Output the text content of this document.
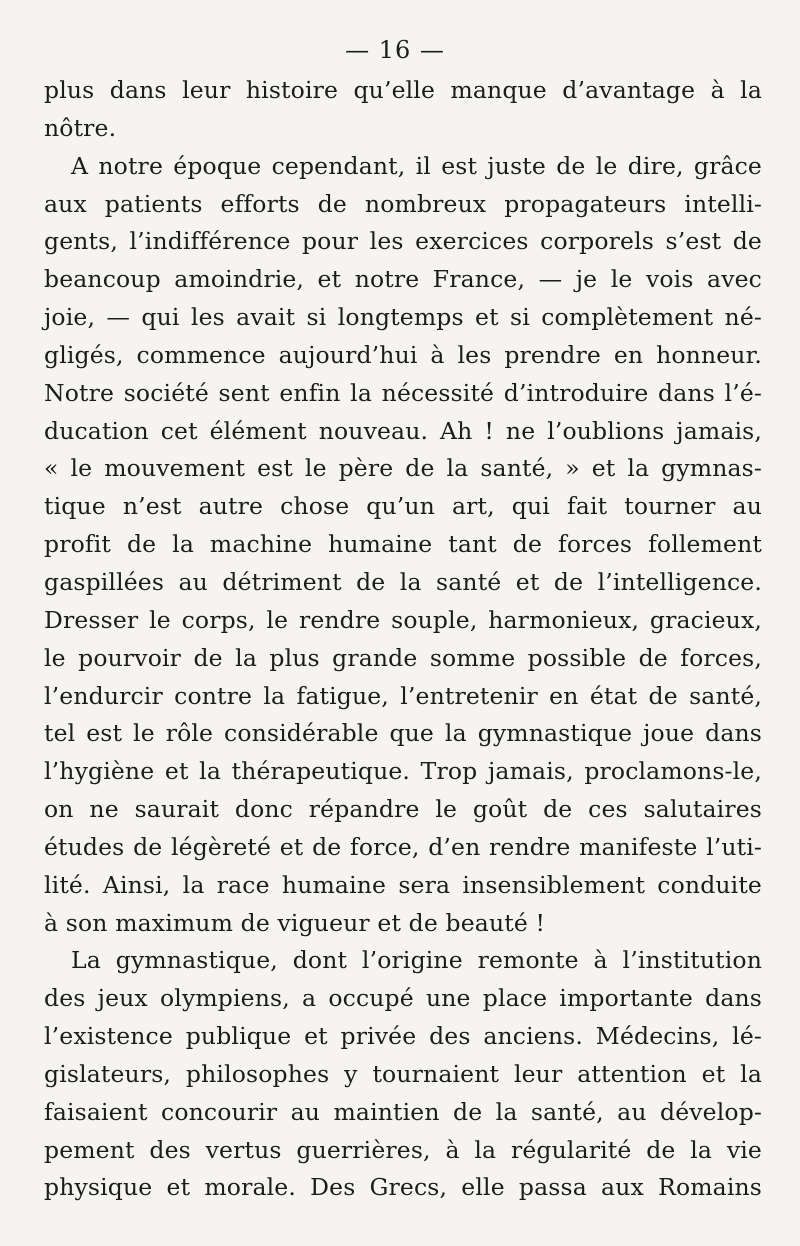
— 16 —
plus dans leur histoire qu’elle manque d’avantage à la
nôtre.
A notre époque cependant, il est juste de le dire, grâce
aux patients efforts de nombreux propagateurs intelli-
gents, l’indifférence pour les exercices corporels s’est de
beancoup amoindrie, et notre France, — je le vois avec
joie, — qui les avait si longtemps et si complètement né-
gligés, commence aujourd’hui à les prendre en honneur.
Notre société sent enfin la nécessité d’introduire dans l’é-
ducation cet élément nouveau. Ah ! ne l’oublions jamais,
« le mouvement est le père de la santé, » et la gymnas-
tique n’est autre chose qu’un art, qui fait tourner au
profit de la machine humaine tant de forces follement
gaspillées au détriment de la santé et de l’intelligence.
Dresser le corps, le rendre souple, harmonieux, gracieux,
le pourvoir de la plus grande somme possible de forces,
l’endurcir contre la fatigue, l’entretenir en état de santé,
tel est le rôle considérable que la gymnastique joue dans
l’hygiène et la thérapeutique. Trop jamais, proclamons-le,
on ne saurait donc répandre le goût de ces salutaires
études de légèreté et de force, d’en rendre manifeste l’uti-
lité. Ainsi, la race humaine sera insensiblement conduite
à son maximum de vigueur et de beauté !
La gymnastique, dont l’origine remonte à l’institution
des jeux olympiens, a occupé une place importante dans
l’existence publique et privée des anciens. Médecins, lé-
gislateurs, philosophes y tournaient leur attention et la
faisaient concourir au maintien de la santé, au dévelop-
pement des vertus guerrières, à la régularité de la vie
physique et morale. Des Grecs, elle passa aux Romains
